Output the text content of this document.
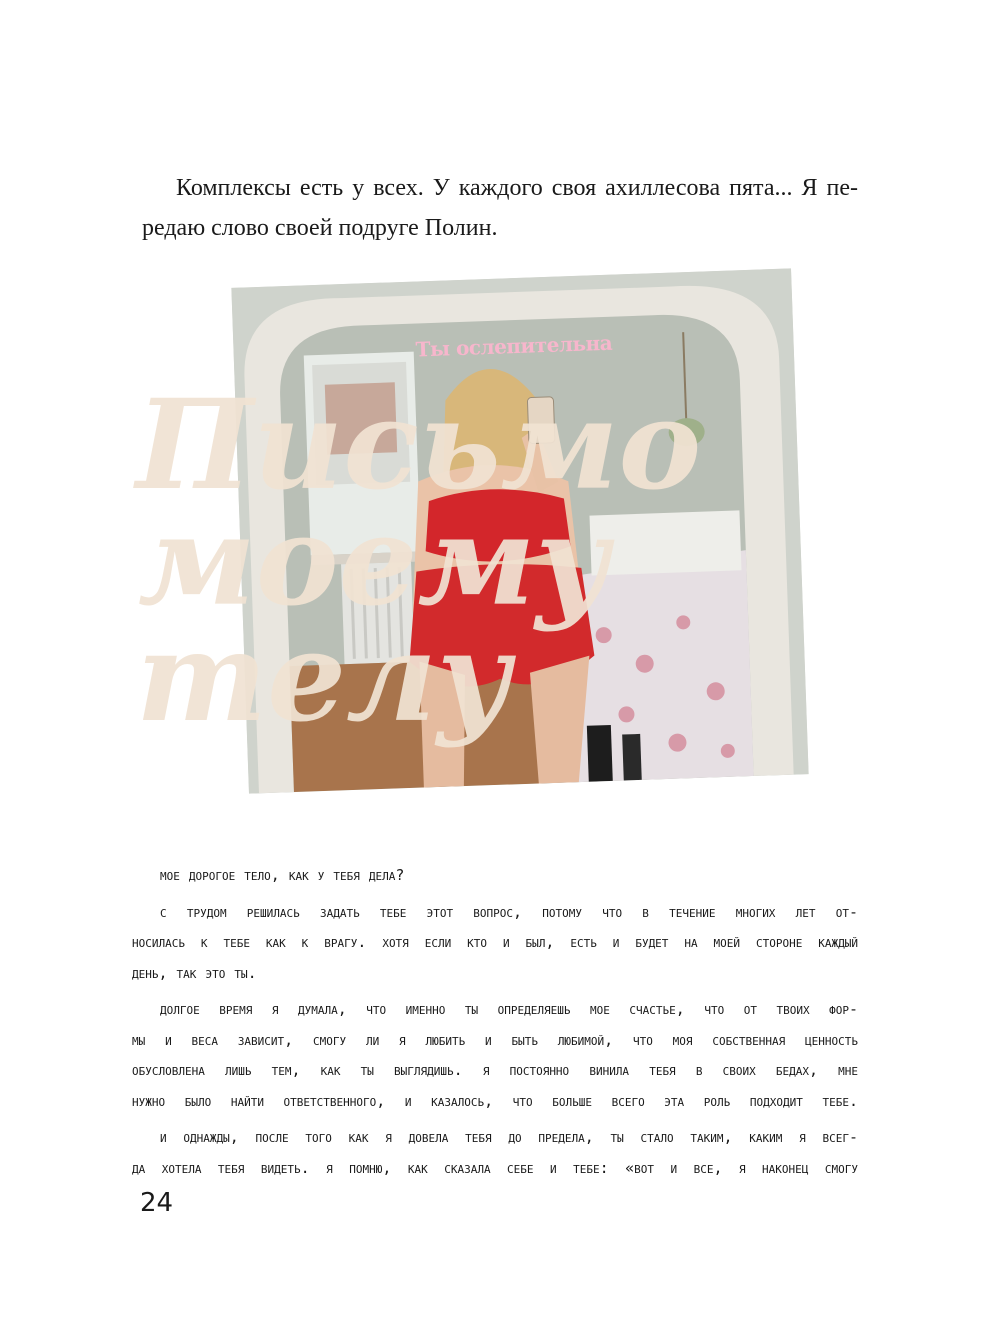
Комплексы есть у всех. У каждого своя ахиллесова пята... Я пе-
редаю слово своей подруге Полин.
Ты ослепительна
Письмо
моему
телу

мое дорогое тело, как у тебя дела?

с трудом решилась задать тебе этот вопрос, потому что в течение многих лет от-
носилась к тебе как к врагу. хотя если кто и был, есть и будет на моей стороне каждый
день, так это ты.

долгое время я думала, что именно ты определяешь мое счастье, что от твоих фор-
мы и веса зависит, смогу ли я любить и быть любимой, что моя собственная ценность
обусловлена лишь тем, как ты выглядишь. я постоянно винила тебя в своих бедах, мне
нужно было найти ответственного, и казалось, что больше всего эта роль подходит тебе.

и однажды, после того как я довела тебя до предела, ты стало таким, каким я всег-
да хотела тебя видеть. я помню, как сказала себе и тебе: «вот и все, я наконец смогу

24
